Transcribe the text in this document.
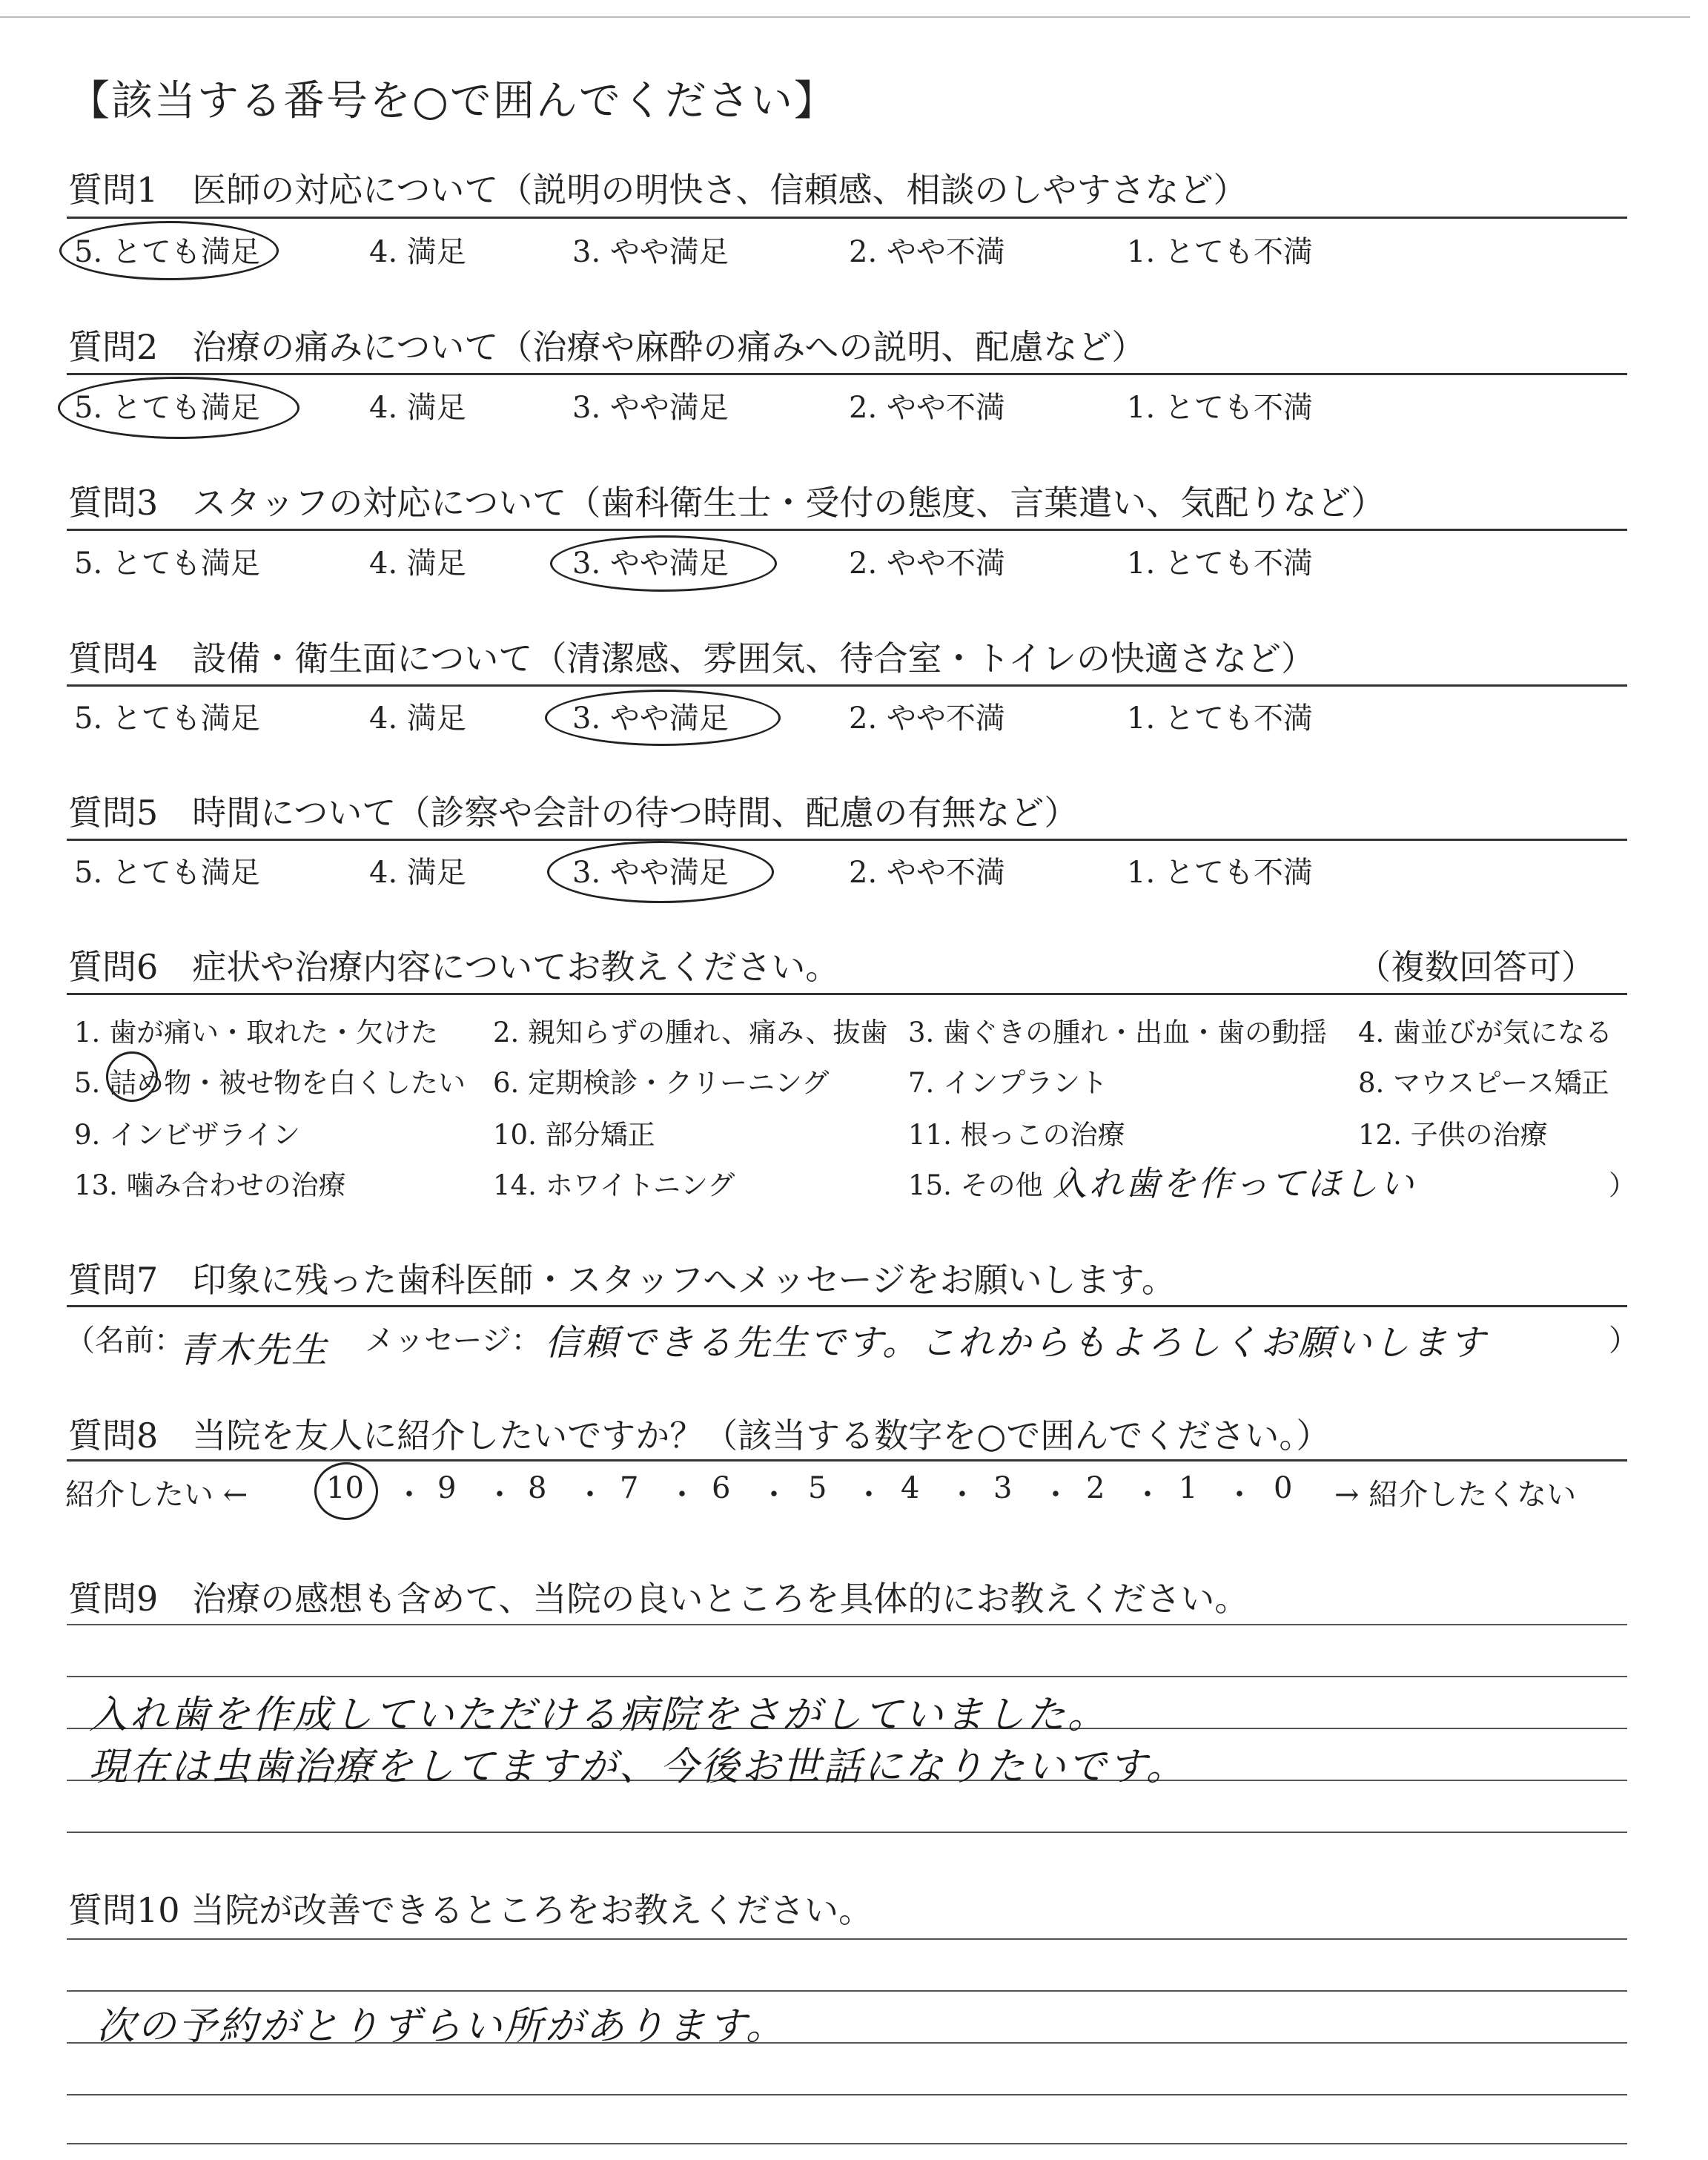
【該当する番号を○で囲んでください】
質問1　医師の対応について（説明の明快さ、信頼感、相談のしやすさなど）
5. とても満足	4. 満足	3. やや満足	2. やや不満	1. とても不満
質問2　治療の痛みについて（治療や麻酔の痛みへの説明、配慮など）
5. とても満足	4. 満足	3. やや満足	2. やや不満	1. とても不満
質問3　スタッフの対応について（歯科衛生士・受付の態度、言葉遣い、気配りなど）
5. とても満足	4. 満足	3. やや満足	2. やや不満	1. とても不満
質問4　設備・衛生面について（清潔感、雰囲気、待合室・トイレの快適さなど）
5. とても満足	4. 満足	3. やや満足	2. やや不満	1. とても不満
質問5　時間について（診察や会計の待つ時間、配慮の有無など）
5. とても満足	4. 満足	3. やや満足	2. やや不満	1. とても不満
質問6　症状や治療内容についてお教えください。	（複数回答可）
1. 歯が痛い・取れた・欠けた 2. 親知らずの腫れ、痛み、抜歯 3. 歯ぐきの腫れ・出血・歯の動揺 4. 歯並びが気になる
5. 詰め物・被せ物を白くしたい 6. 定期検診・クリーニング	7. インプラント	8. マウスピース矯正
9. インビザライン	10. 部分矯正	11. 根っこの治療	12. 子供の治療
13. 噛み合わせの治療	14. ホワイトニング	15. その他（
入れ歯を作ってほしい	）
質問7　印象に残った歯科医師・スタッフへメッセージをお願いします。
（名前：
青木先生 メッセージ： 信頼できる先生です。これからもよろしくお願いします	）
質問8　当院を友人に紹介したいですか？（該当する数字を○で囲んでください。）
紹介したい ←	10 ・ 9 ・ 8 ・ 7 ・ 6 ・ 5 ・ 4 ・ 3 ・ 2 ・ 1 ・ 0 → 紹介したくない
質問9　治療の感想も含めて、当院の良いところを具体的にお教えください。
入れ歯を作成していただける病院をさがしていました。
現在は虫歯治療をしてますが、今後お世話になりたいです。
質問10 当院が改善できるところをお教えください。
次の予約がとりずらい所があります。
